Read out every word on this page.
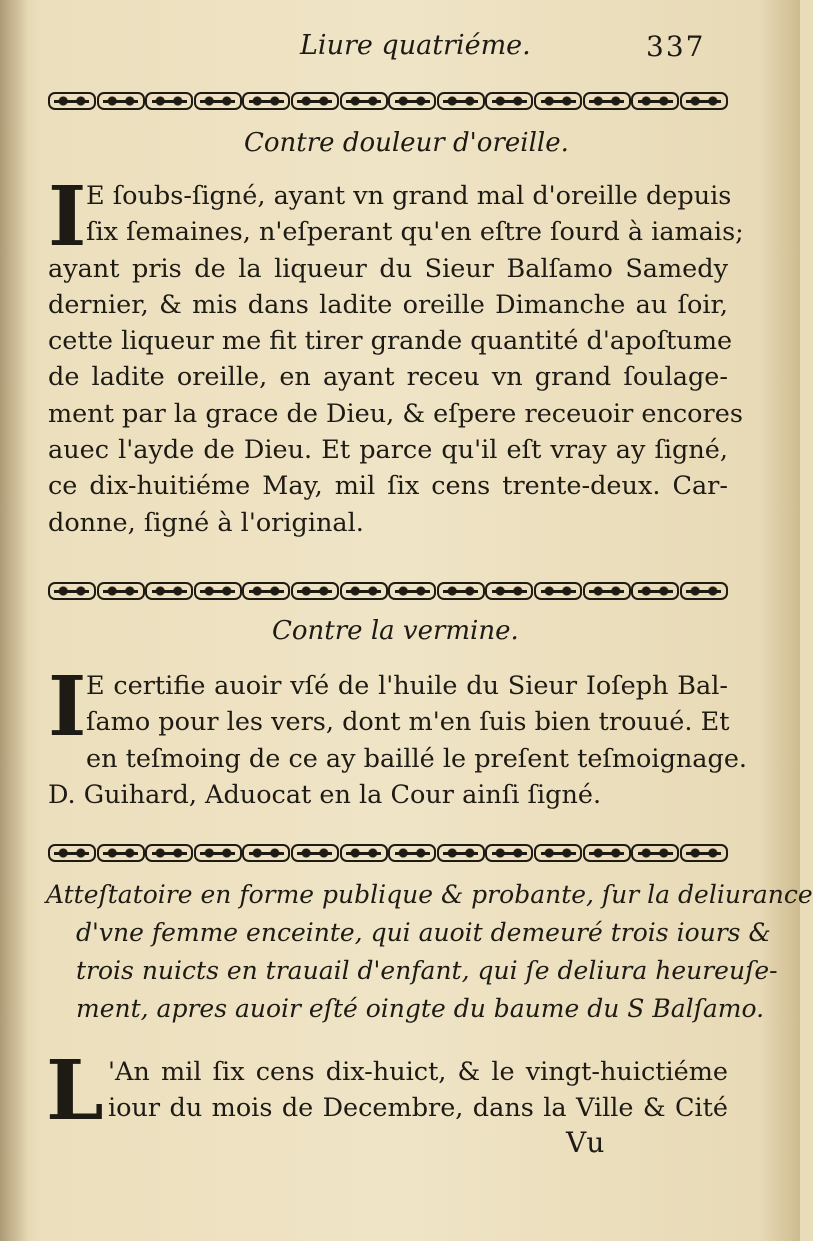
Liure quatriéme.	337
Contre douleur d'oreille.
I E ſoubs-ſigné, ayant vn grand mal d'oreille depuis
ſix ſemaines, n'eſperant qu'en eſtre ſourd à iamais;
ayant pris de la liqueur du Sieur Balſamo Samedy
dernier, & mis dans ladite oreille Dimanche au ſoir,
cette liqueur me fit tirer grande quantité d'apoſtume
de ladite oreille, en ayant receu vn grand ſoulage-
ment par la grace de Dieu, & eſpere receuoir encores
auec l'ayde de Dieu. Et parce qu'il eſt vray ay ſigné,
ce dix-huitiéme May, mil ſix cens trente-deux. Car-
donne, ſigné à l'original.
Contre la vermine.
I E certifie auoir vſé de l'huile du Sieur Ioſeph Bal-
ſamo pour les vers, dont m'en ſuis bien trouué. Et
en teſmoing de ce ay baillé le preſent teſmoignage.
D. Guihard, Aduocat en la Cour ainſi ſigné.
Atteſtatoire en forme publique & probante, ſur la deliurance
d'vne femme enceinte, qui auoit demeuré trois iours &
trois nuicts en trauail d'enfant, qui ſe deliura heureuſe-
ment, apres auoir eſté oingte du baume du S Balſamo.
L 'An mil ſix cens dix-huict, & le vingt-huictiéme
iour du mois de Decembre, dans la Ville & Cité
Vu
